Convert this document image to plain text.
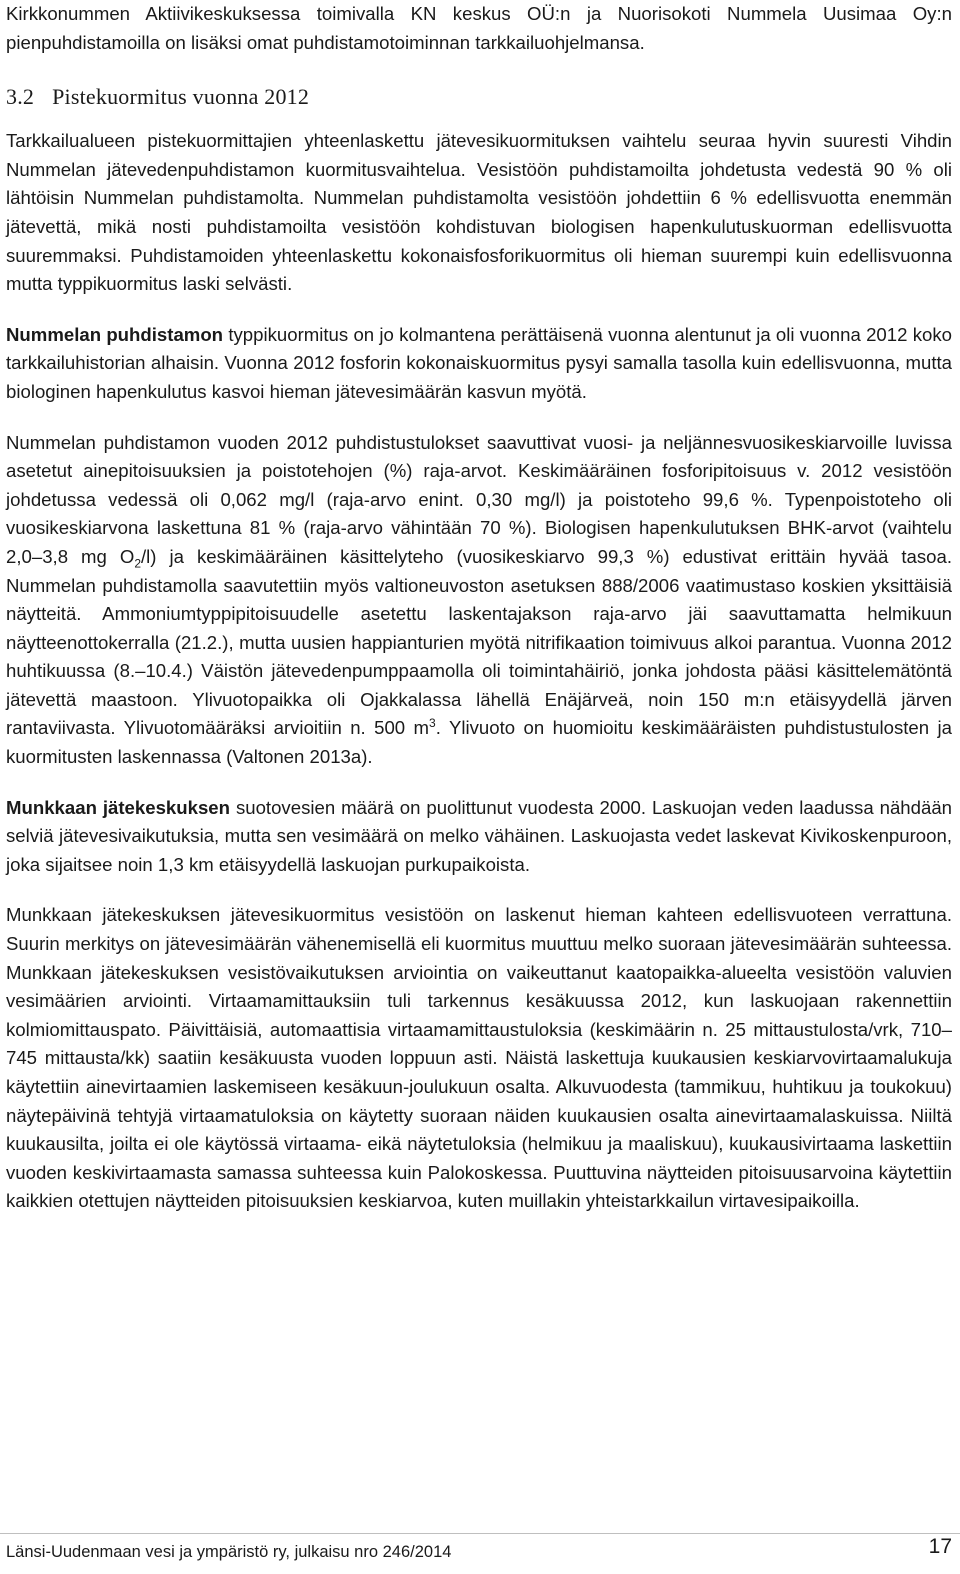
Kirkkonummen Aktiivikeskuksessa toimivalla KN keskus OÜ:n ja Nuorisokoti Nummela Uusimaa Oy:n pienpuhdistamoilla on lisäksi omat puhdistamotoiminnan tarkkailuohjelmansa.

3.2 Pistekuormitus vuonna 2012

Tarkkailualueen pistekuormittajien yhteenlaskettu jätevesikuormituksen vaihtelu seuraa hyvin suuresti Vihdin Nummelan jätevedenpuhdistamon kuormitusvaihtelua. Vesistöön puhdistamoilta johdetusta vedestä 90 % oli lähtöisin Nummelan puhdistamolta. Nummelan puhdistamolta vesistöön johdettiin 6 % edellisvuotta enemmän jätevettä, mikä nosti puhdistamoilta vesistöön kohdistuvan biologisen hapenkulutuskuorman edellisvuotta suuremmaksi. Puhdistamoiden yhteenlaskettu kokonaisfosforikuormitus oli hieman suurempi kuin edellisvuonna mutta typpikuormitus laski selvästi.

Nummelan puhdistamon typpikuormitus on jo kolmantena perättäisenä vuonna alentunut ja oli vuonna 2012 koko tarkkailuhistorian alhaisin. Vuonna 2012 fosforin kokonaiskuormitus pysyi samalla tasolla kuin edellisvuonna, mutta biologinen hapenkulutus kasvoi hieman jätevesimäärän kasvun myötä.

Nummelan puhdistamon vuoden 2012 puhdistustulokset saavuttivat vuosi- ja neljännesvuosikeskiarvoille luvissa asetetut ainepitoisuuksien ja poistotehojen (%) raja-arvot. Keskimääräinen fosforipitoisuus v. 2012 vesistöön johdetussa vedessä oli 0,062 mg/l (raja-arvo enint. 0,30 mg/l) ja poistoteho 99,6 %. Typenpoistoteho oli vuosikeskiarvona laskettuna 81 % (raja-arvo vähintään 70 %). Biologisen hapenkulutuksen BHK-arvot (vaihtelu 2,0–3,8 mg $O_2/l$) ja keskimääräinen käsittelyteho (vuosikeskiarvo 99,3 %) edustivat erittäin hyvää tasoa. Nummelan puhdistamolla saavutettiin myös valtioneuvoston asetuksen 888/2006 vaatimustaso koskien yksittäisiä näytteitä. Ammoniumtyppipitoisuudelle asetettu laskentajakson raja-arvo jäi saavuttamatta helmikuun näytteenottokerralla (21.2.), mutta uusien happianturien myötä nitrifikaation toimivuus alkoi parantua. Vuonna 2012 huhtikuussa (8.–10.4.) Väistön jätevedenpumppaamolla oli toimintahäiriö, jonka johdosta pääsi käsittelemätöntä jätevettä maastoon. Ylivuotopaikka oli Ojakkalassa lähellä Enäjärveä, noin 150 m:n etäisyydellä järven rantaviivasta. Ylivuotomääräksi arvioitiin n. 500 $m^3$. Ylivuoto on huomioitu keskimääräisten puhdistustulosten ja kuormitusten laskennassa (Valtonen 2013a).

Munkkaan jätekeskuksen suotovesien määrä on puolittunut vuodesta 2000. Laskuojan veden laadussa nähdään selviä jätevesivaikutuksia, mutta sen vesimäärä on melko vähäinen. Laskuojasta vedet laskevat Kivikoskenpuroon, joka sijaitsee noin 1,3 km etäisyydellä laskuojan purkupaikoista.

Munkkaan jätekeskuksen jätevesikuormitus vesistöön on laskenut hieman kahteen edellisvuoteen verrattuna. Suurin merkitys on jätevesimäärän vähenemisellä eli kuormitus muuttuu melko suoraan jätevesimäärän suhteessa. Munkkaan jätekeskuksen vesistövaikutuksen arviointia on vaikeuttanut kaatopaikka-alueelta vesistöön valuvien vesimäärien arviointi. Virtaamamittauksiin tuli tarkennus kesäkuussa 2012, kun laskuojaan rakennettiin kolmiomittauspato. Päivittäisiä, automaattisia virtaamamittaustuloksia (keskimäärin n. 25 mittaustulosta/vrk, 710–745 mittausta/kk) saatiin kesäkuusta vuoden loppuun asti. Näistä laskettuja kuukausien keskiarvovirtaamalukuja käytettiin ainevirtaamien laskemiseen kesäkuun-joulukuun osalta. Alkuvuodesta (tammikuu, huhtikuu ja toukokuu) näytepäivinä tehtyjä virtaamatuloksia on käytetty suoraan näiden kuukausien osalta ainevirtaamalaskuissa. Niiltä kuukausilta, joilta ei ole käytössä virtaama- eikä näytetuloksia (helmikuu ja maaliskuu), kuukausivirtaama laskettiin vuoden keskivirtaamasta samassa suhteessa kuin Palokoskessa. Puuttuvina näytteiden pitoisuusarvoina käytettiin kaikkien otettujen näytteiden pitoisuuksien keskiarvoa, kuten muillakin yhteistarkkailun virtavesipaikoilla.

Länsi-Uudenmaan vesi ja ympäristö ry, julkaisu nro 246/2014	17
